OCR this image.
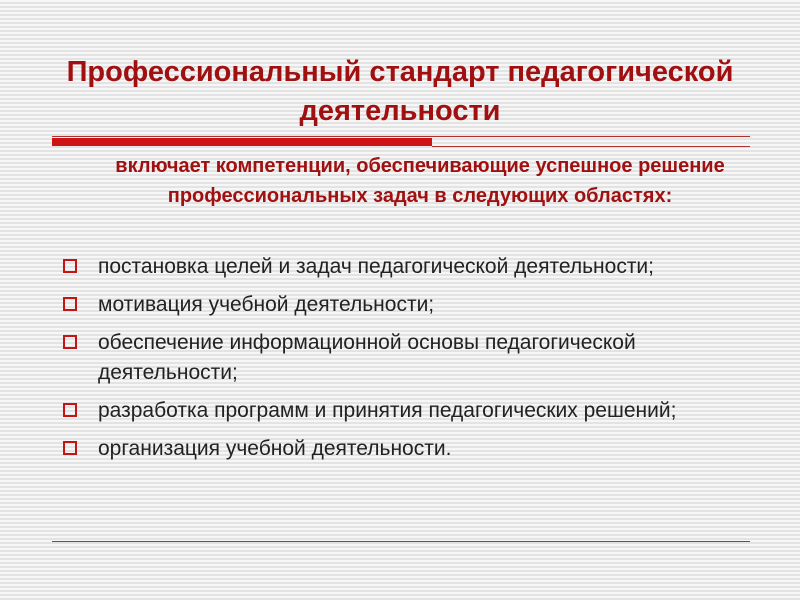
Профессиональный стандарт педагогической деятельности

включает компетенции, обеспечивающие успешное решение профессиональных задач в следующих областях:

постановка целей и задач педагогической деятельности;
мотивация учебной деятельности;
обеспечение информационной основы педагогической деятельности;
разработка программ и принятия педагогических решений;
организация учебной деятельности.
